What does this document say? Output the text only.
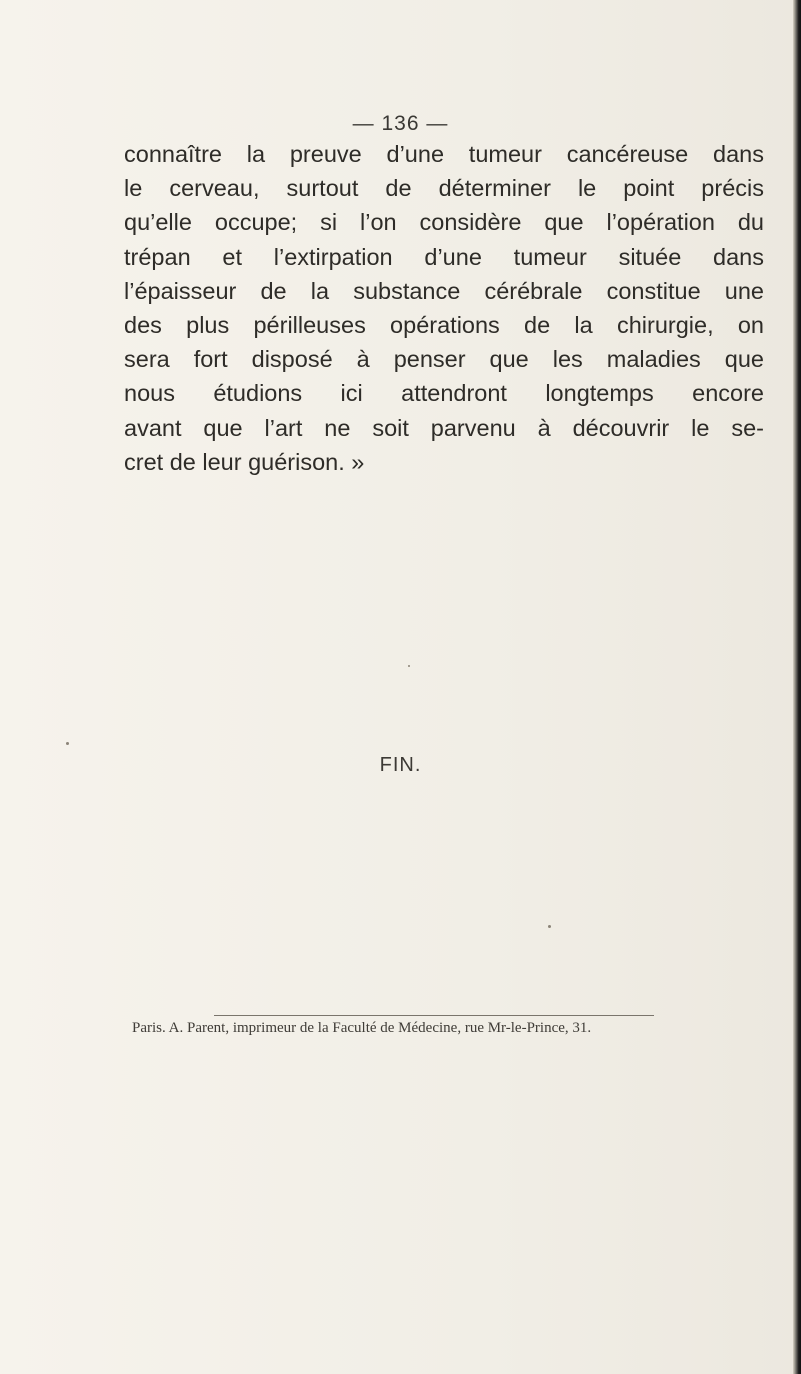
— 136 —
connaître la preuve d’une tumeur cancéreuse dans
le cerveau, surtout de déterminer le point précis
qu’elle occupe; si l’on considère que l’opération du
trépan et l’extirpation d’une tumeur située dans
l’épaisseur de la substance cérébrale constitue une
des plus périlleuses opérations de la chirurgie, on
sera fort disposé à penser que les maladies que
nous étudions ici attendront longtemps encore
avant que l’art ne soit parvenu à découvrir le se-
cret de leur guérison. »
FIN.
Paris. A. Parent, imprimeur de la Faculté de Médecine, rue Mr-le-Prince, 31.
